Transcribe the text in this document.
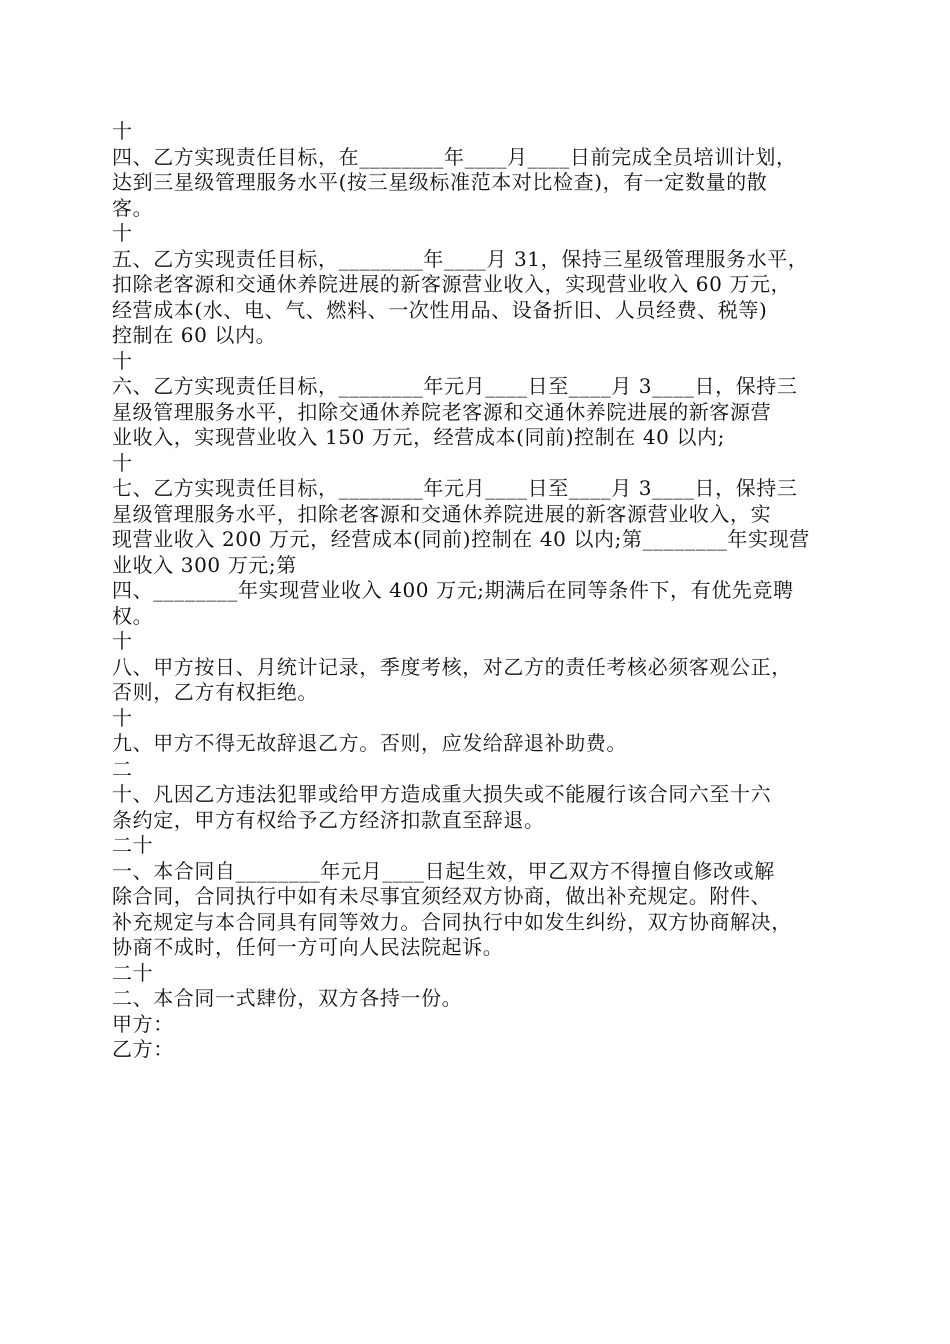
十
四、乙方实现责任目标，在________年____月____日前完成全员培训计划，
达到三星级管理服务水平(按三星级标准范本对比检查)，有一定数量的散
客。
十
五、乙方实现责任目标，________年____月 31，保持三星级管理服务水平，
扣除老客源和交通休养院进展的新客源营业收入，实现营业收入 60 万元，
经营成本(水、电、气、燃料、一次性用品、设备折旧、人员经费、税等)
控制在 60 以内。
十
六、乙方实现责任目标，________年元月____日至____月 3____日，保持三
星级管理服务水平，扣除交通休养院老客源和交通休养院进展的新客源营
业收入，实现营业收入 150 万元，经营成本(同前)控制在 40 以内;
十
七、乙方实现责任目标，________年元月____日至____月 3____日，保持三
星级管理服务水平，扣除老客源和交通休养院进展的新客源营业收入，实
现营业收入 200 万元，经营成本(同前)控制在 40 以内;第________年实现营
业收入 300 万元;第
四、________年实现营业收入 400 万元;期满后在同等条件下，有优先竞聘
权。
十
八、甲方按日、月统计记录，季度考核，对乙方的责任考核必须客观公正，
否则，乙方有权拒绝。
十
九、甲方不得无故辞退乙方。否则，应发给辞退补助费。
二
十、凡因乙方违法犯罪或给甲方造成重大损失或不能履行该合同六至十六
条约定，甲方有权给予乙方经济扣款直至辞退。
二十
一、本合同自________年元月____日起生效，甲乙双方不得擅自修改或解
除合同，合同执行中如有未尽事宜须经双方协商，做出补充规定。附件、
补充规定与本合同具有同等效力。合同执行中如发生纠纷，双方协商解决，
协商不成时，任何一方可向人民法院起诉。
二十
二、本合同一式肆份，双方各持一份。
甲方：
乙方：
